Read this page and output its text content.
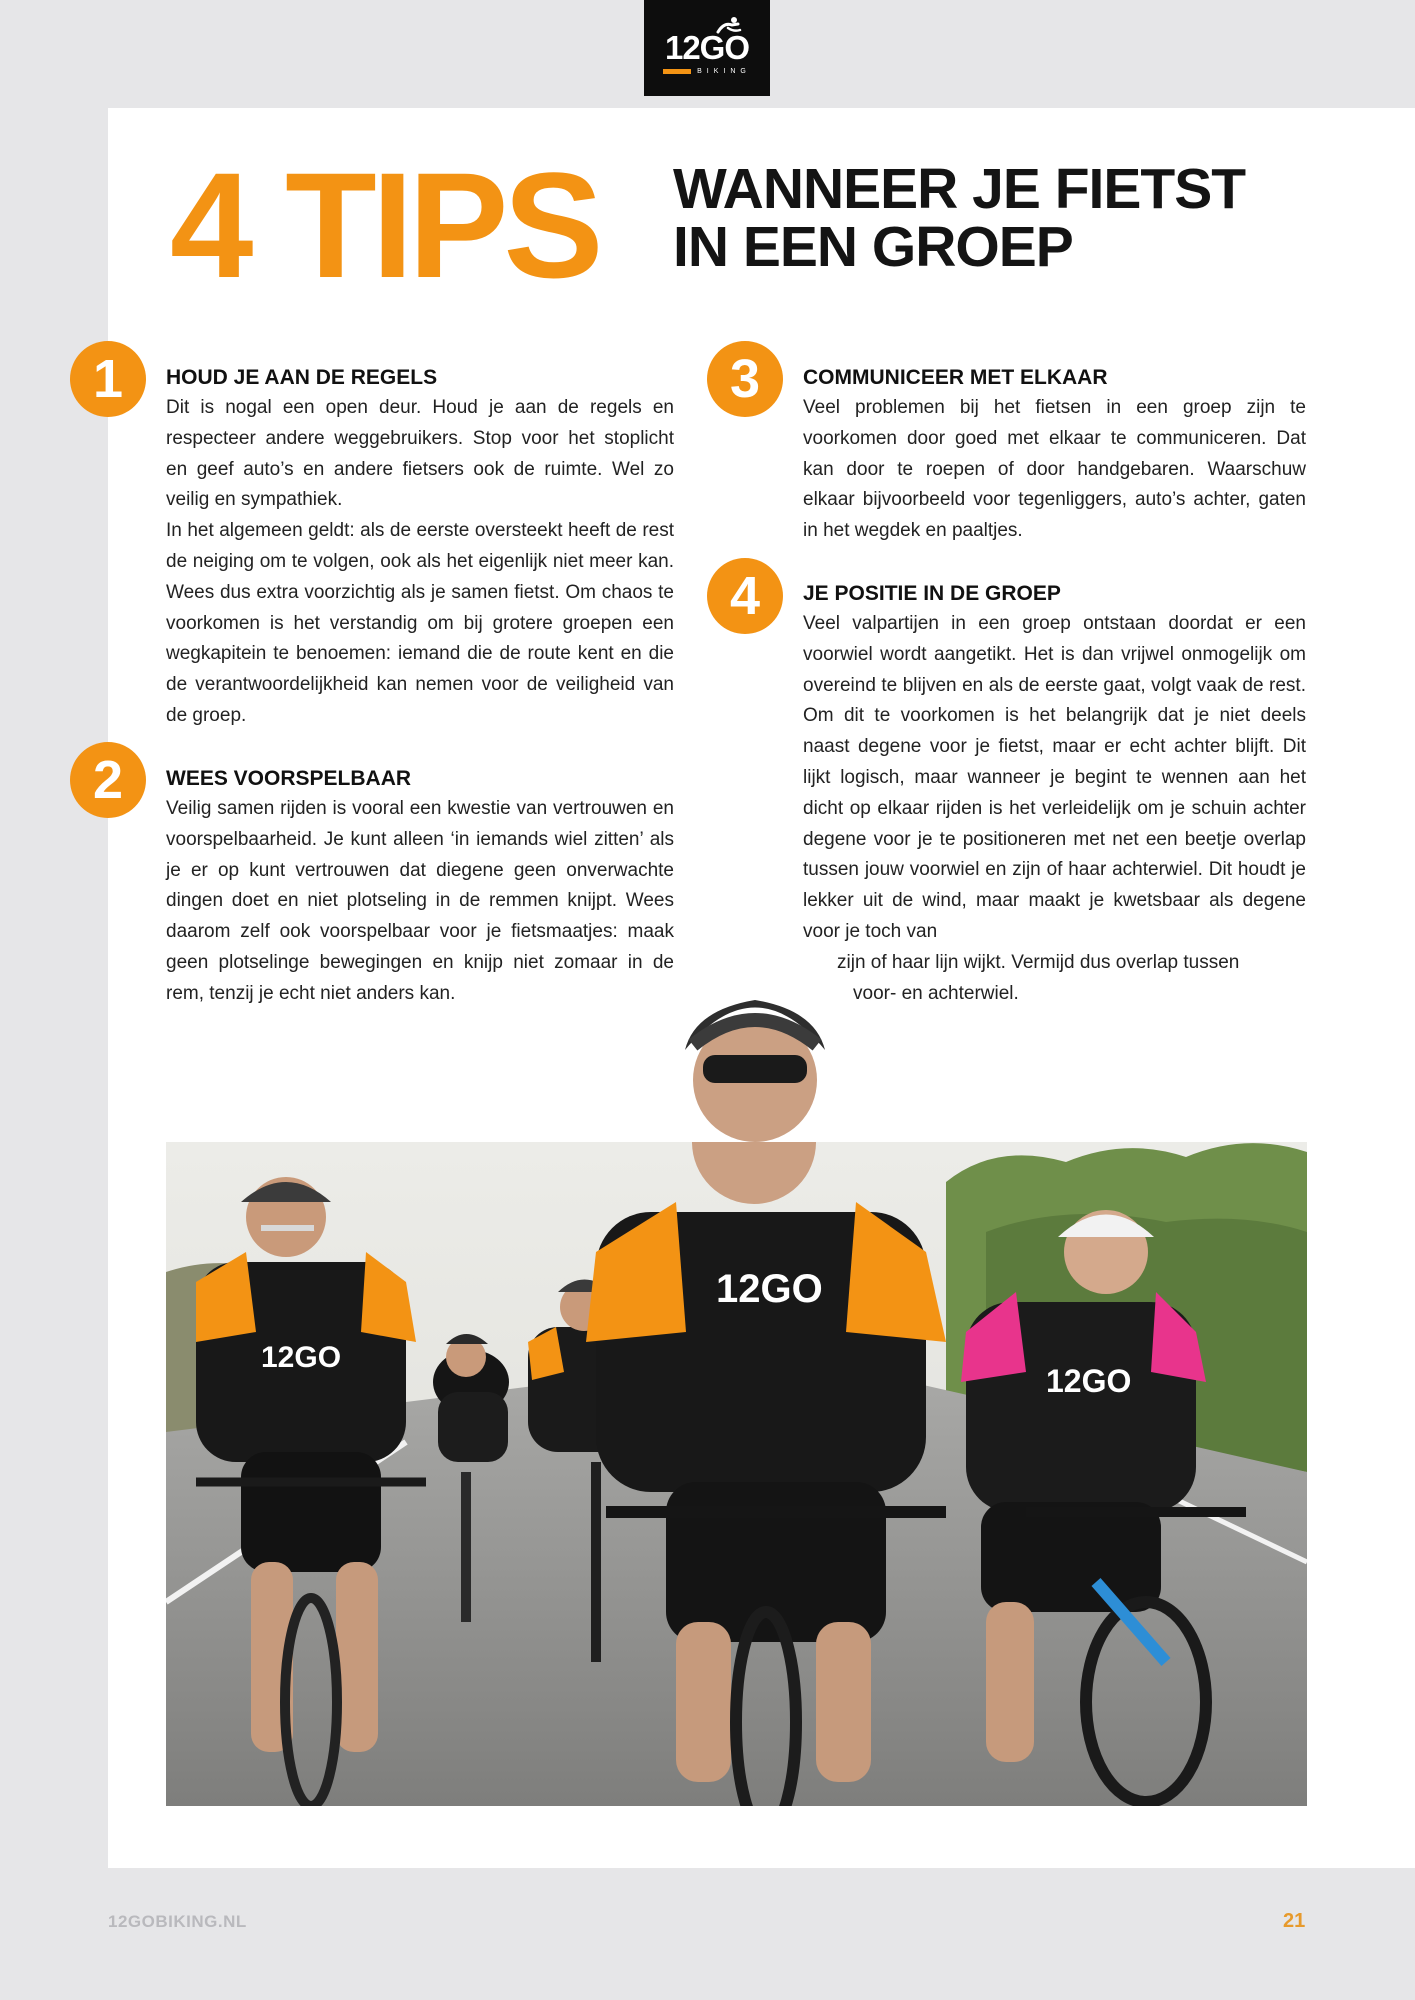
12GO
BIKING
4 TIPS WANNEER JE FIETST
IN EEN GROEP
1	HOUD JE AAN DE REGELS

Dit is nogal een open deur. Houd je aan de regels en respecteer andere weggebruikers. Stop voor het stoplicht en geef auto’s en andere fietsers ook de ruimte. Wel zo veilig en sympathiek.

In het algemeen geldt: als de eerste oversteekt heeft de rest de neiging om te volgen, ook als het eigenlijk niet meer kan. Wees dus extra voorzichtig als je samen fietst. Om chaos te voorkomen is het verstandig om bij grotere groepen een wegkapitein te benoemen: iemand die de route kent en die de verantwoordelijkheid kan nemen voor de veiligheid van de groep.

2	WEES VOORSPELBAAR

Veilig samen rijden is vooral een kwestie van vertrouwen en voorspelbaarheid. Je kunt alleen ‘in iemands wiel zitten’ als je er op kunt vertrouwen dat diegene geen onverwachte dingen doet en niet plotseling in de remmen knijpt. Wees daarom zelf ook voorspelbaar voor je fietsmaatjes: maak geen plotselinge bewegingen en knijp niet zomaar in de rem, tenzij je echt niet anders kan.

3	COMMUNICEER MET ELKAAR

Veel problemen bij het fietsen in een groep zijn te voorkomen door goed met elkaar te communiceren. Dat kan door te roepen of door handgebaren. Waarschuw elkaar bijvoorbeeld voor tegenliggers, auto’s achter, gaten in het wegdek en paaltjes.

4	JE POSITIE IN DE GROEP

Veel valpartijen in een groep ontstaan doordat er een voorwiel wordt aangetikt. Het is dan vrijwel onmogelijk om overeind te blijven en als de eerste gaat, volgt vaak de rest. Om dit te voorkomen is het belangrijk dat je niet deels naast degene voor je fietst, maar er echt achter blijft. Dit lijkt logisch, maar wanneer je begint te wennen aan het dicht op elkaar rijden is het verleidelijk om je schuin achter degene voor je te positioneren met net een beetje overlap tussen jouw voorwiel en zijn of haar achterwiel. Dit houdt je lekker uit de wind, maar maakt je kwetsbaar als degene voor je toch van

zijn of haar lijn wijkt. Vermijd dus overlap tussen

voor- en achterwiel.

12GO
12GO
12GO
12GOBIKING.NL	21
